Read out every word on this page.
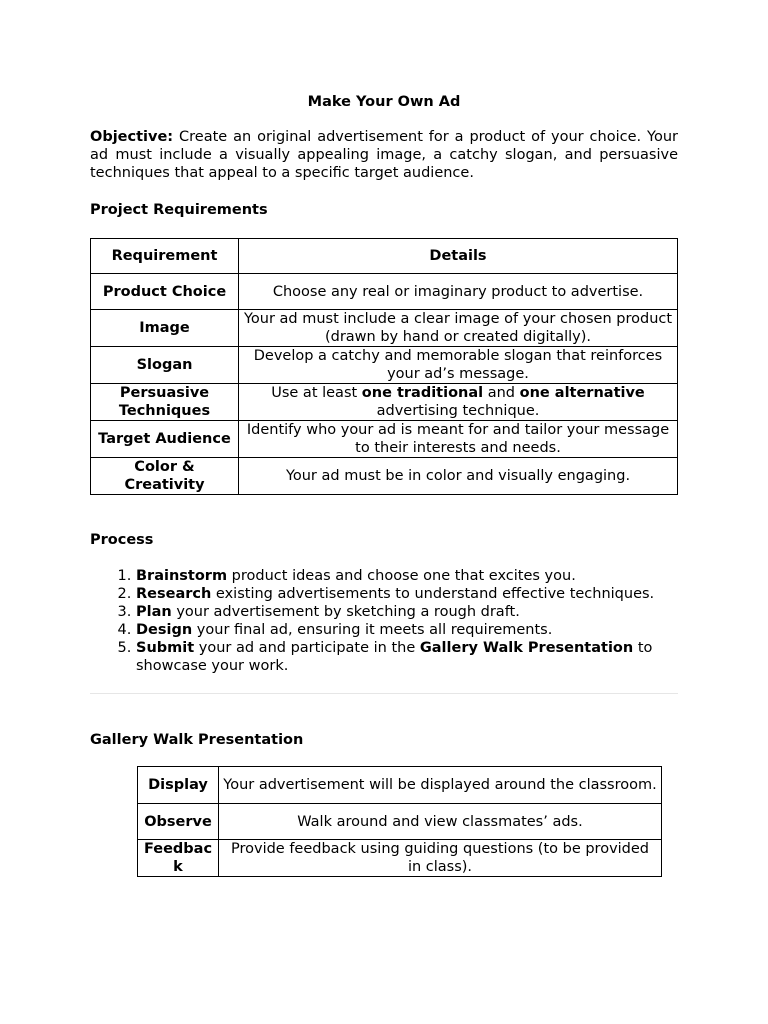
Make Your Own Ad
Objective: Create an original advertisement for a product of your choice. Your ad must include a visually appealing image, a catchy slogan, and persuasive techniques that appeal to a specific target audience.
Project Requirements
Requirement	Details
Product Choice	Choose any real or imaginary product to advertise.
Image	Your ad must include a clear image of your chosen product (drawn by hand or created digitally).
Slogan	Develop a catchy and memorable slogan that reinforces your ad’s message.
Persuasive Techniques	Use at least one traditional and one alternative advertising technique.
Target Audience	Identify who your ad is meant for and tailor your message to their interests and needs.
Color & Creativity	Your ad must be in color and visually engaging.
Process
1. Brainstorm product ideas and choose one that excites you.
2. Research existing advertisements to understand effective techniques.
3. Plan your advertisement by sketching a rough draft.
4. Design your final ad, ensuring it meets all requirements.
5. Submit your ad and participate in the Gallery Walk Presentation to showcase your work.
Gallery Walk Presentation
Display	Your advertisement will be displayed around the classroom.
Observe	Walk around and view classmates’ ads.
Feedback	Provide feedback using guiding questions (to be provided in class).
